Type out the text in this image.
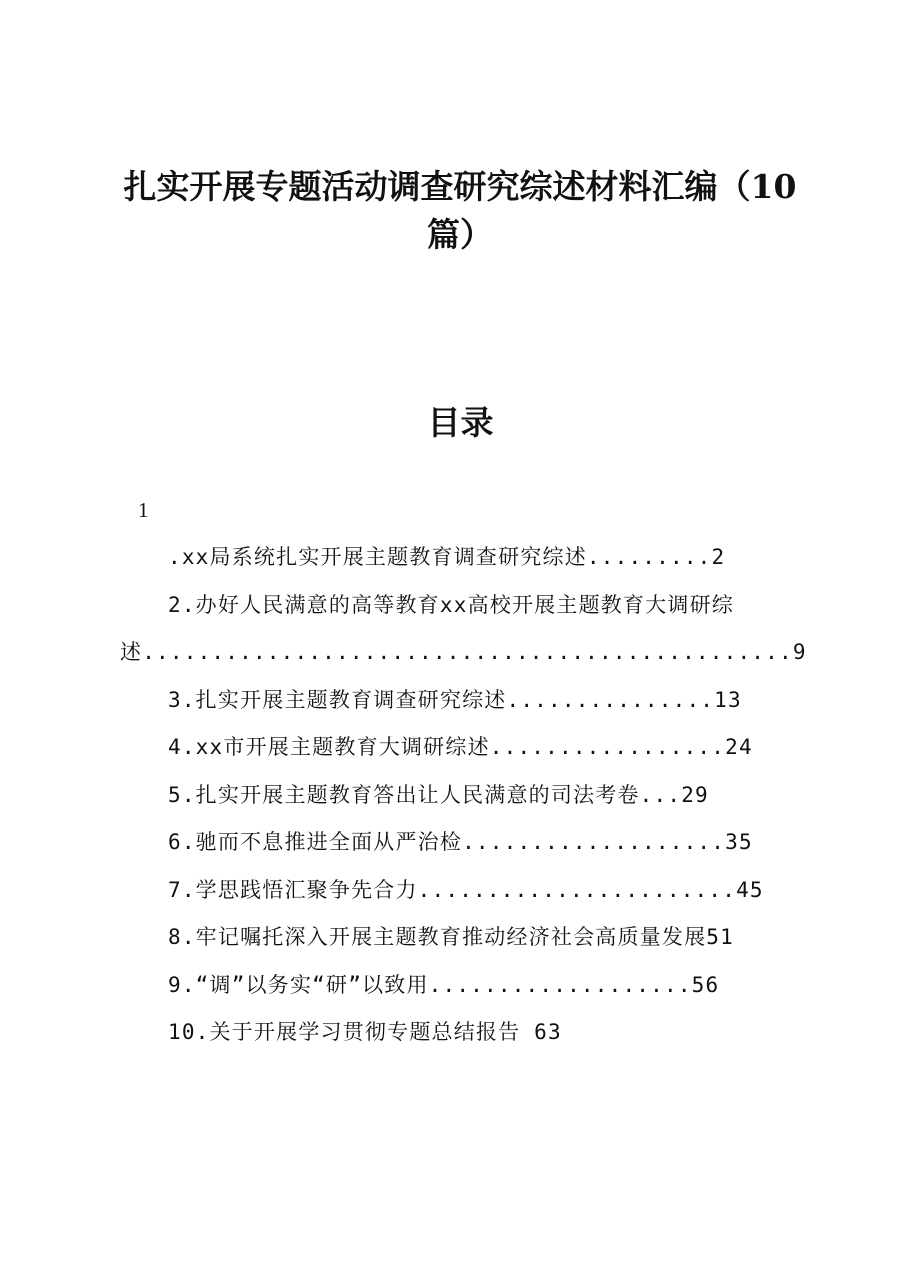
扎实开展专题活动调查研究综述材料汇编（10
篇）
目录
1
.xx局系统扎实开展主题教育调查研究综述.........2
2.办好人民满意的高等教育xx高校开展主题教育大调研综
述...............................................9
3.扎实开展主题教育调查研究综述...............13
4.xx市开展主题教育大调研综述.................24
5.扎实开展主题教育答出让人民满意的司法考卷...29
6.驰而不息推进全面从严治检...................35
7.学思践悟汇聚争先合力.......................45
8.牢记嘱托深入开展主题教育推动经济社会高质量发展51
9.“调”以务实“研”以致用...................56
10.关于开展学习贯彻专题总结报告 63
